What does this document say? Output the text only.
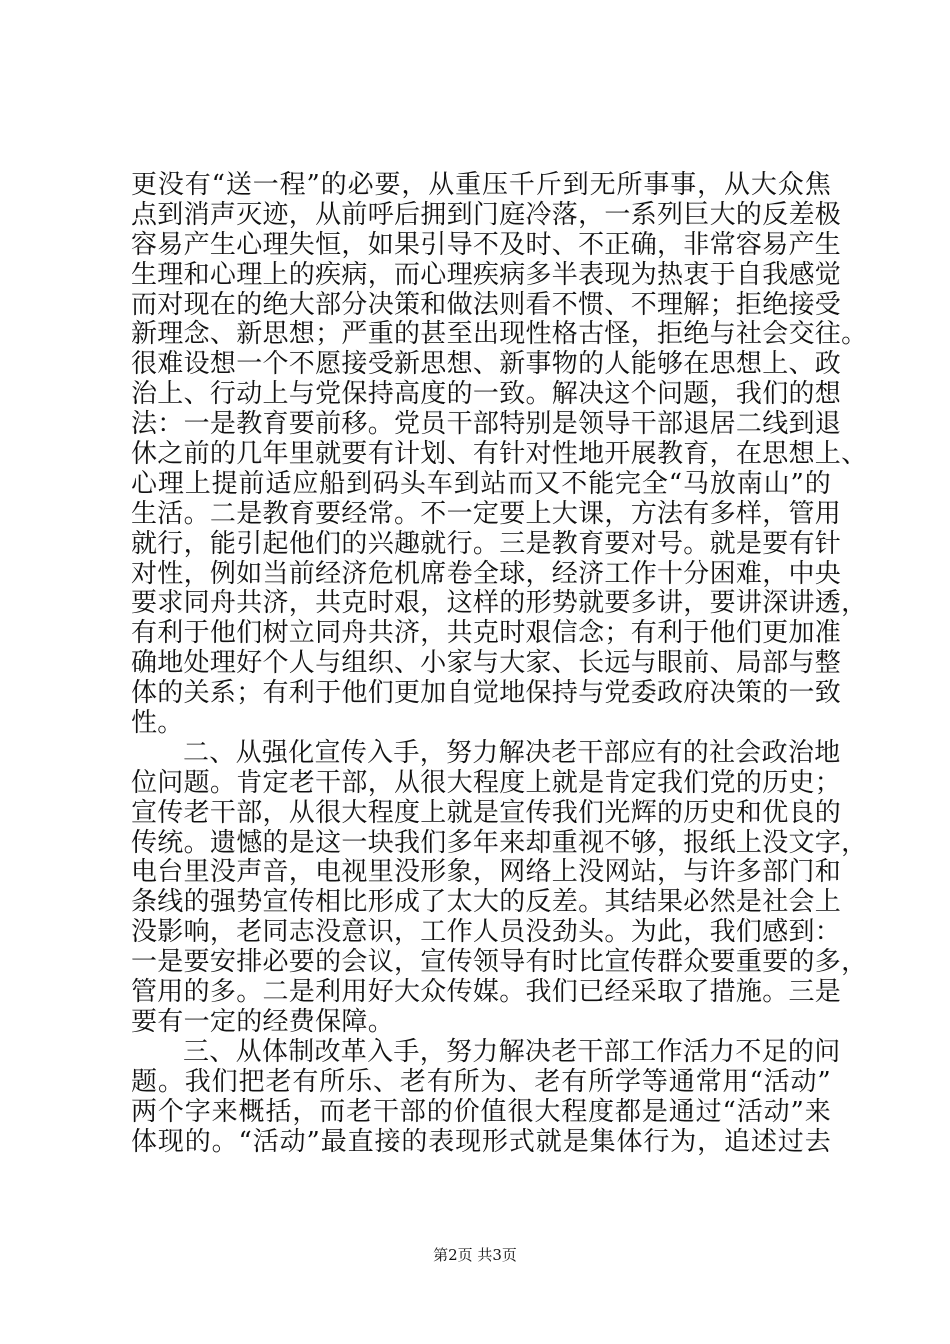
更没有“送一程”的必要，从重压千斤到无所事事，从大众焦
点到消声灭迹，从前呼后拥到门庭冷落，一系列巨大的反差极
容易产生心理失恒，如果引导不及时、不正确，非常容易产生
生理和心理上的疾病，而心理疾病多半表现为热衷于自我感觉
而对现在的绝大部分决策和做法则看不惯、不理解；拒绝接受
新理念、新思想；严重的甚至出现性格古怪，拒绝与社会交往。
很难设想一个不愿接受新思想、新事物的人能够在思想上、政
治上、行动上与党保持高度的一致。解决这个问题，我们的想
法：一是教育要前移。党员干部特别是领导干部退居二线到退
休之前的几年里就要有计划、有针对性地开展教育，在思想上、
心理上提前适应船到码头车到站而又不能完全“马放南山”的
生活。二是教育要经常。不一定要上大课，方法有多样，管用
就行，能引起他们的兴趣就行。三是教育要对号。就是要有针
对性，例如当前经济危机席卷全球，经济工作十分困难，中央
要求同舟共济，共克时艰，这样的形势就要多讲，要讲深讲透，
有利于他们树立同舟共济，共克时艰信念；有利于他们更加准
确地处理好个人与组织、小家与大家、长远与眼前、局部与整
体的关系；有利于他们更加自觉地保持与党委政府决策的一致
性。
二、从强化宣传入手，努力解决老干部应有的社会政治地
位问题。肯定老干部，从很大程度上就是肯定我们党的历史；
宣传老干部，从很大程度上就是宣传我们光辉的历史和优良的
传统。遗憾的是这一块我们多年来却重视不够，报纸上没文字，
电台里没声音，电视里没形象，网络上没网站，与许多部门和
条线的强势宣传相比形成了太大的反差。其结果必然是社会上
没影响，老同志没意识，工作人员没劲头。为此，我们感到：
一是要安排必要的会议，宣传领导有时比宣传群众要重要的多，
管用的多。二是利用好大众传媒。我们已经采取了措施。三是
要有一定的经费保障。
三、从体制改革入手，努力解决老干部工作活力不足的问
题。我们把老有所乐、老有所为、老有所学等通常用“活动”
两个字来概括，而老干部的价值很大程度都是通过“活动”来
体现的。“活动”最直接的表现形式就是集体行为，追述过去
第2页 共3页
